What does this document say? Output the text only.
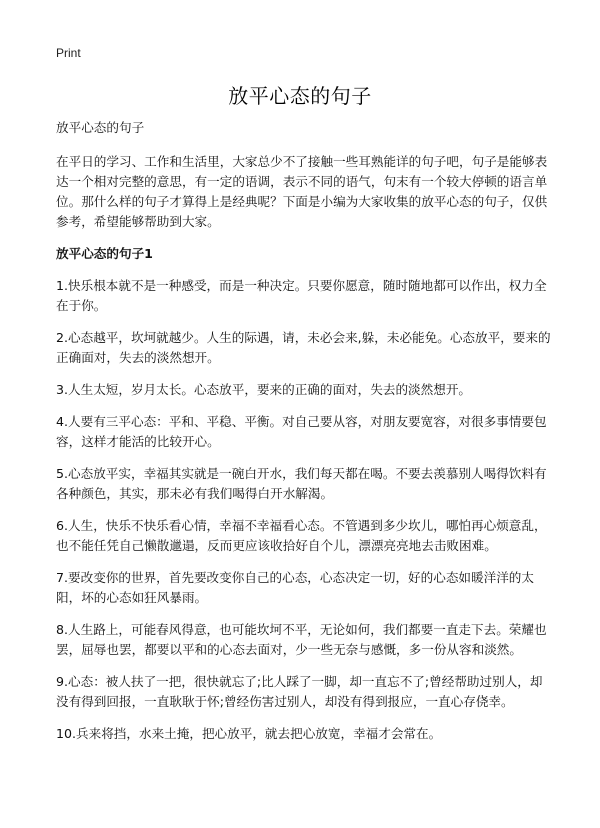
Print
放平心态的句子

放平心态的句子

在平日的学习、工作和生活里，大家总少不了接触一些耳熟能详的句子吧，句子是能够表达一个相对完整的意思，有一定的语调，表示不同的语气，句末有一个较大停顿的语言单位。那什么样的句子才算得上是经典呢？下面是小编为大家收集的放平心态的句子，仅供参考，希望能够帮助到大家。

放平心态的句子1

1.快乐根本就不是一种感受，而是一种决定。只要你愿意，随时随地都可以作出，权力全在于你。

2.心态越平，坎坷就越少。人生的际遇，请，未必会来,躲，未必能免。心态放平，要来的正确面对，失去的淡然想开。

3.人生太短，岁月太长。心态放平，要来的正确的面对，失去的淡然想开。

4.人要有三平心态：平和、平稳、平衡。对自己要从容，对朋友要宽容，对很多事情要包容，这样才能活的比较开心。

5.心态放平实，幸福其实就是一碗白开水，我们每天都在喝。不要去羡慕别人喝得饮料有各种颜色，其实，那未必有我们喝得白开水解渴。

6.人生，快乐不快乐看心情，幸福不幸福看心态。不管遇到多少坎儿，哪怕再心烦意乱，也不能任凭自己懒散邋遢，反而更应该收拾好自个儿，漂漂亮亮地去击败困难。

7.要改变你的世界，首先要改变你自己的心态，心态决定一切，好的心态如暖洋洋的太阳，坏的心态如狂风暴雨。

8.人生路上，可能春风得意，也可能坎坷不平，无论如何，我们都要一直走下去。荣耀也罢，屈辱也罢，都要以平和的心态去面对，少一些无奈与感慨，多一份从容和淡然。

9.心态：被人扶了一把，很快就忘了;比人踩了一脚，却一直忘不了;曾经帮助过别人，却没有得到回报，一直耿耿于怀;曾经伤害过别人，却没有得到报应，一直心存侥幸。

10.兵来将挡，水来土掩，把心放平，就去把心放宽，幸福才会常在。
